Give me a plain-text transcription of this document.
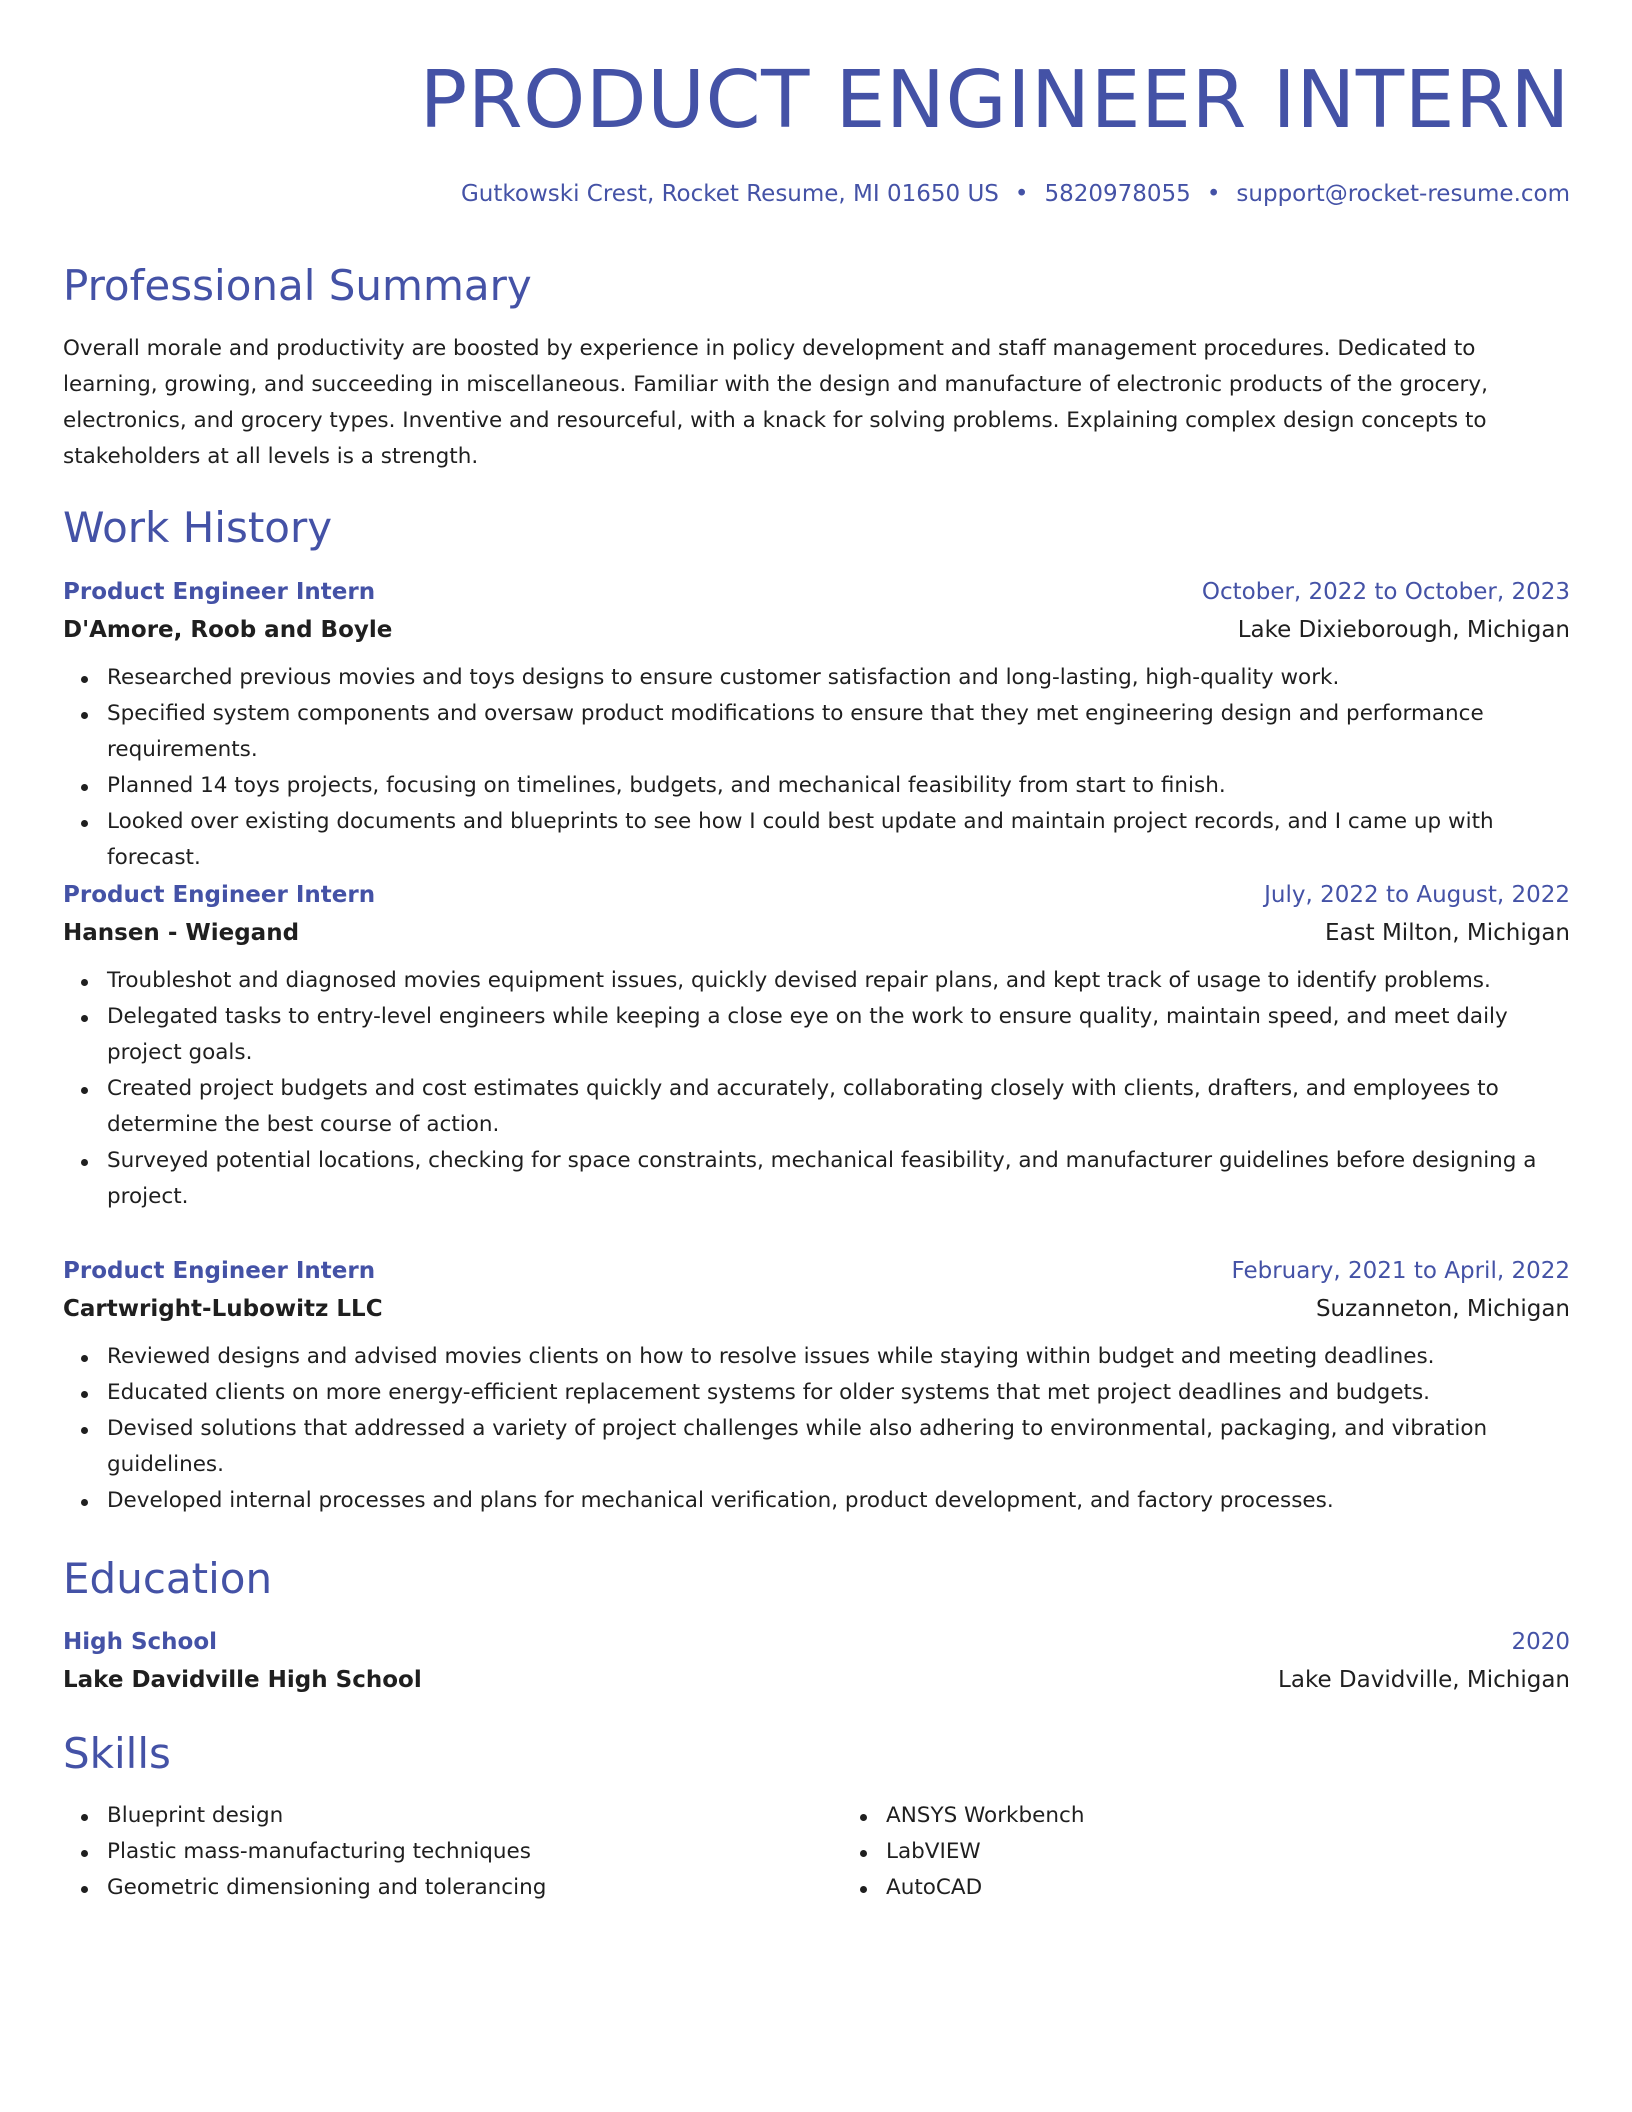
PRODUCT ENGINEER INTERN
Gutkowski Crest, Rocket Resume, MI 01650 US • 5820978055 • support@rocket-resume.com
Professional Summary

Overall morale and productivity are boosted by experience in policy development and staff management procedures. Dedicated to learning, growing, and succeeding in miscellaneous. Familiar with the design and manufacture of electronic products of the grocery, electronics, and grocery types. Inventive and resourceful, with a knack for solving problems. Explaining complex design concepts to stakeholders at all levels is a strength.

Work History
Product Engineer Intern	October, 2022 to October, 2023
D'Amore, Roob and Boyle	Lake Dixieborough, Michigan
Researched previous movies and toys designs to ensure customer satisfaction and long-lasting, high-quality work.
Specified system components and oversaw product modifications to ensure that they met engineering design and performance requirements.
Planned 14 toys projects, focusing on timelines, budgets, and mechanical feasibility from start to finish.
Looked over existing documents and blueprints to see how I could best update and maintain project records, and I came up with forecast.
Product Engineer Intern	July, 2022 to August, 2022
Hansen - Wiegand	East Milton, Michigan
Troubleshot and diagnosed movies equipment issues, quickly devised repair plans, and kept track of usage to identify problems.
Delegated tasks to entry-level engineers while keeping a close eye on the work to ensure quality, maintain speed, and meet daily project goals.
Created project budgets and cost estimates quickly and accurately, collaborating closely with clients, drafters, and employees to determine the best course of action.
Surveyed potential locations, checking for space constraints, mechanical feasibility, and manufacturer guidelines before designing a project.
Product Engineer Intern	February, 2021 to April, 2022
Cartwright-Lubowitz LLC	Suzanneton, Michigan
Reviewed designs and advised movies clients on how to resolve issues while staying within budget and meeting deadlines.
Educated clients on more energy-efficient replacement systems for older systems that met project deadlines and budgets.
Devised solutions that addressed a variety of project challenges while also adhering to environmental, packaging, and vibration guidelines.
Developed internal processes and plans for mechanical verification, product development, and factory processes.
Education
High School	2020
Lake Davidville High School	Lake Davidville, Michigan
Skills
Blueprint design
Plastic mass-manufacturing techniques
Geometric dimensioning and tolerancing
ANSYS Workbench
LabVIEW
AutoCAD
